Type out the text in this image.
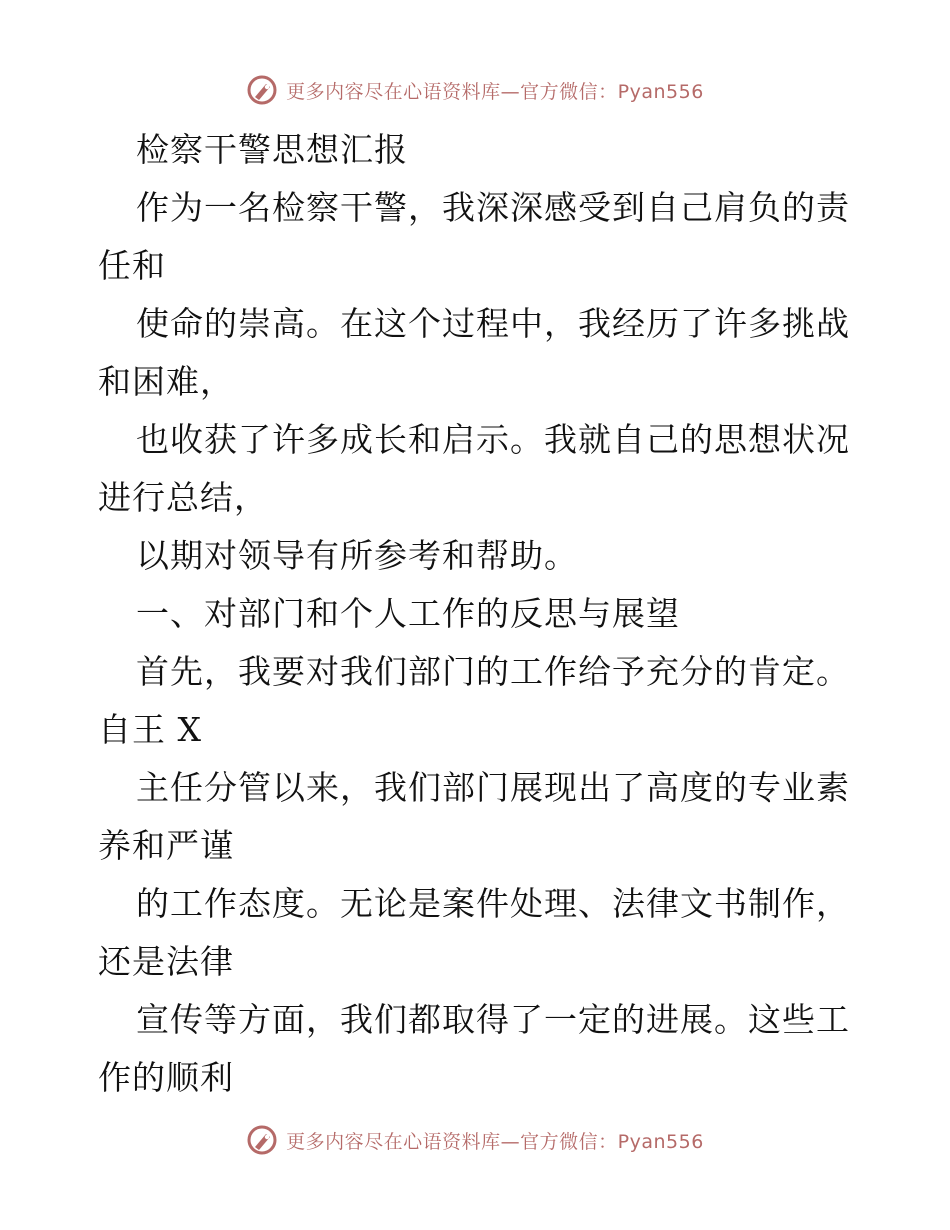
更多内容尽在心语资料库—官方微信：Pyan556
检察干警思想汇报
作为一名检察干警，我深深感受到自己肩负的责
任和
使命的崇高。在这个过程中，我经历了许多挑战
和困难，
也收获了许多成长和启示。我就自己的思想状况
进行总结，
以期对领导有所参考和帮助。
一、对部门和个人工作的反思与展望
首先，我要对我们部门的工作给予充分的肯定。
自王 X
主任分管以来，我们部门展现出了高度的专业素
养和严谨
的工作态度。无论是案件处理、法律文书制作，
还是法律
宣传等方面，我们都取得了一定的进展。这些工
作的顺利
更多内容尽在心语资料库—官方微信：Pyan556
